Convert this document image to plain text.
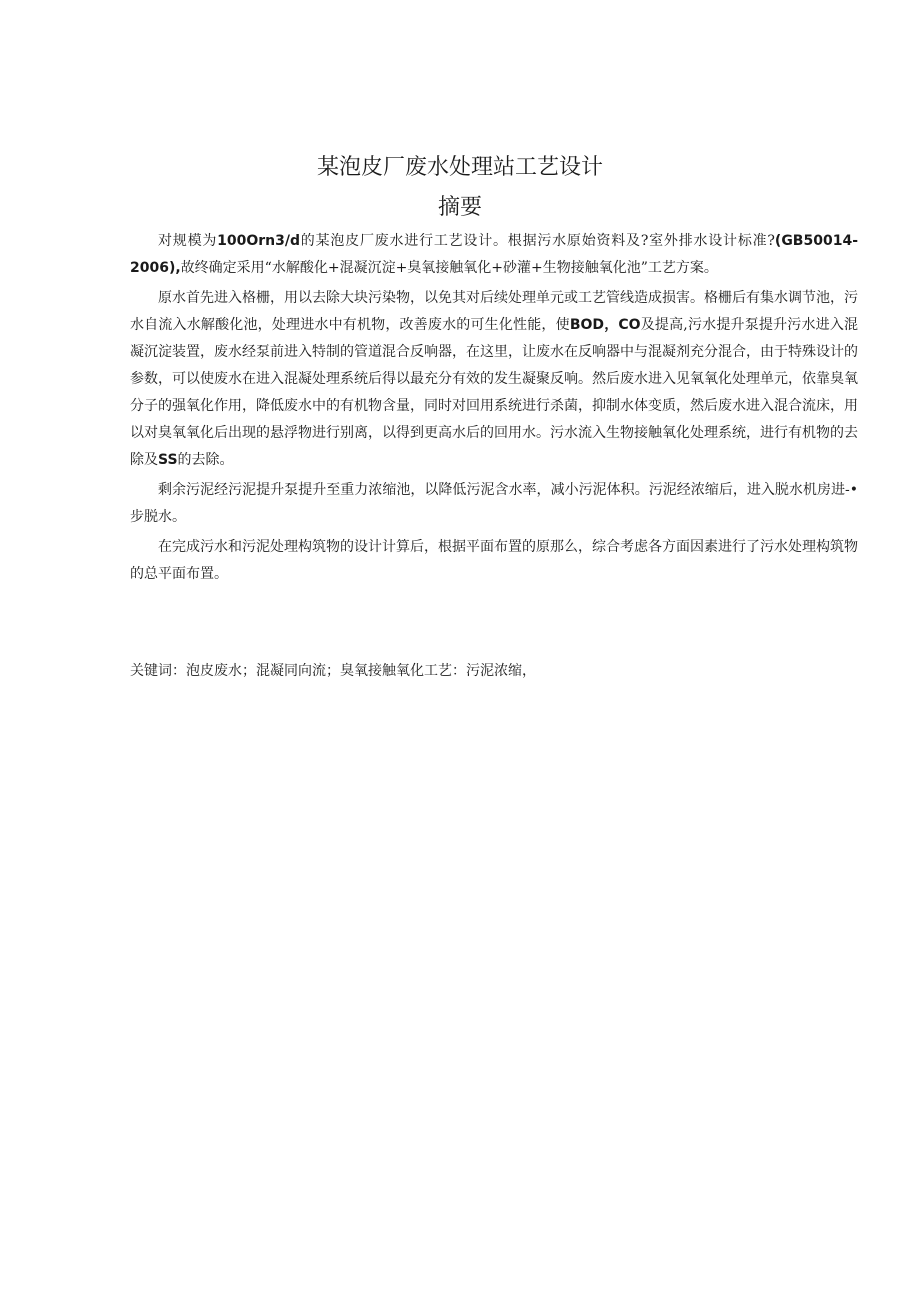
某泡皮厂废水处理站工艺设计
摘要

对规模为100Orn3/d的某泡皮厂废水进行工艺设计。根据污水原始资料及?室外排水设计标准?(GB50014-2006),故终确定采用“水解酸化+混凝沉淀+臭氧接触氧化+砂灌+生物接触氧化池”工艺方案。

原水首先进入格栅，用以去除大块污染物，以免其对后续处理单元或工艺管线造成损害。格栅后有集水调节池，污水自流入水解酸化池，处理进水中有机物，改善废水的可生化性能，使BOD，CO及提高,污水提升泵提升污水进入混凝沉淀装置，废水经泵前进入特制的管道混合反响器，在这里，让废水在反响器中与混凝剂充分混合，由于特殊设计的参数，可以使废水在进入混凝处理系统后得以最充分有效的发生凝聚反响。然后废水进入见氧氧化处理单元，依靠臭氧分子的强氧化作用，降低废水中的有机物含量，同时对回用系统进行杀菌，抑制水体变质，然后废水进入混合流床，用以对臭氧氧化后出现的悬浮物进行别离，以得到更高水后的回用水。污水流入生物接触氧化处理系统，进行有机物的去除及SS的去除。

剩余污泥经污泥提升泵提升至重力浓缩池，以降低污泥含水率，减小污泥体积。污泥经浓缩后，进入脱水机房进-•步脱水。

在完成污水和污泥处理构筑物的设计计算后，根据平面布置的原那么，综合考虑各方面因素进行了污水处理构筑物的总平面布置。

关键词：泡皮废水；混凝同向流；臭氧接触氧化工艺：污泥浓缩，
